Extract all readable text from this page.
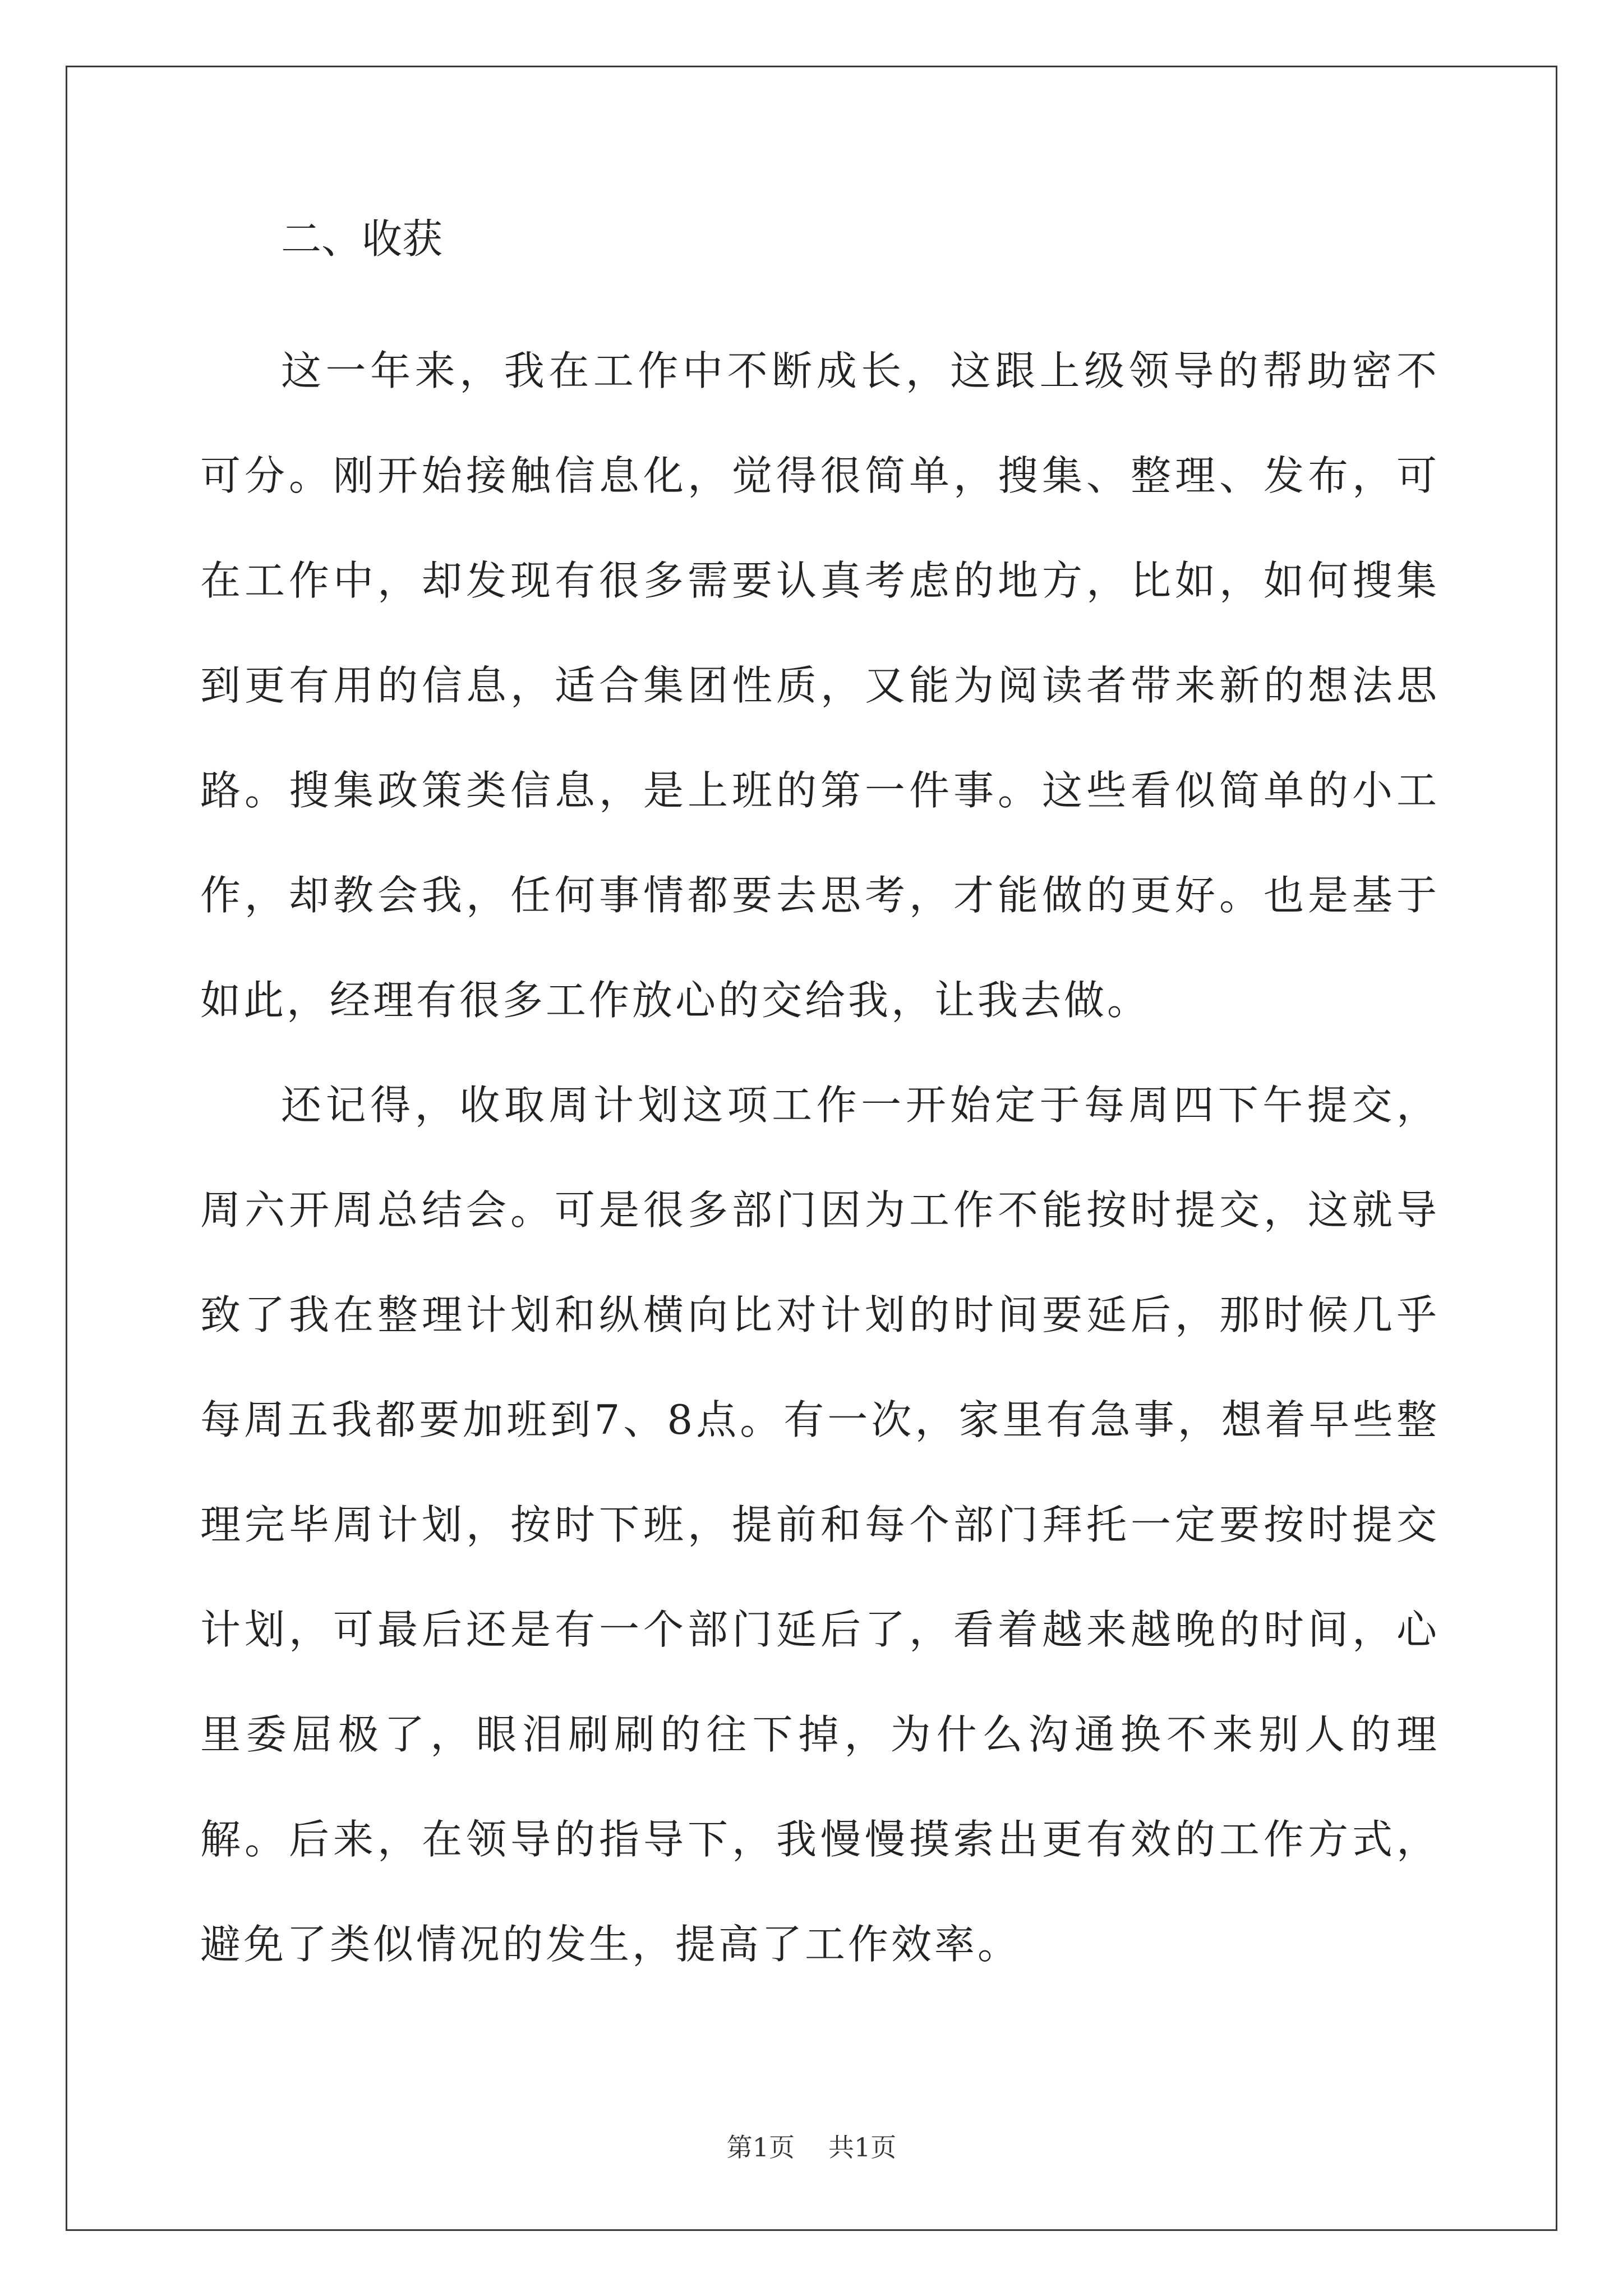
二、收获

这一年来，我在工作中不断成长，这跟上级领导的帮助密不可分。刚开始接触信息化，觉得很简单，搜集、整理、发布，可在工作中，却发现有很多需要认真考虑的地方，比如，如何搜集到更有用的信息，适合集团性质，又能为阅读者带来新的想法思路。搜集政策类信息，是上班的第一件事。这些看似简单的小工作，却教会我，任何事情都要去思考，才能做的更好。也是基于如此，经理有很多工作放心的交给我，让我去做。

还记得，收取周计划这项工作一开始定于每周四下午提交，周六开周总结会。可是很多部门因为工作不能按时提交，这就导致了我在整理计划和纵横向比对计划的时间要延后，那时候几乎每周五我都要加班到7、8点。有一次，家里有急事，想着早些整理完毕周计划，按时下班，提前和每个部门拜托一定要按时提交计划，可最后还是有一个部门延后了，看着越来越晚的时间，心里委屈极了，眼泪刷刷的往下掉，为什么沟通换不来别人的理解。后来，在领导的指导下，我慢慢摸索出更有效的工作方式，避免了类似情况的发生，提高了工作效率。

第1页 共1页
